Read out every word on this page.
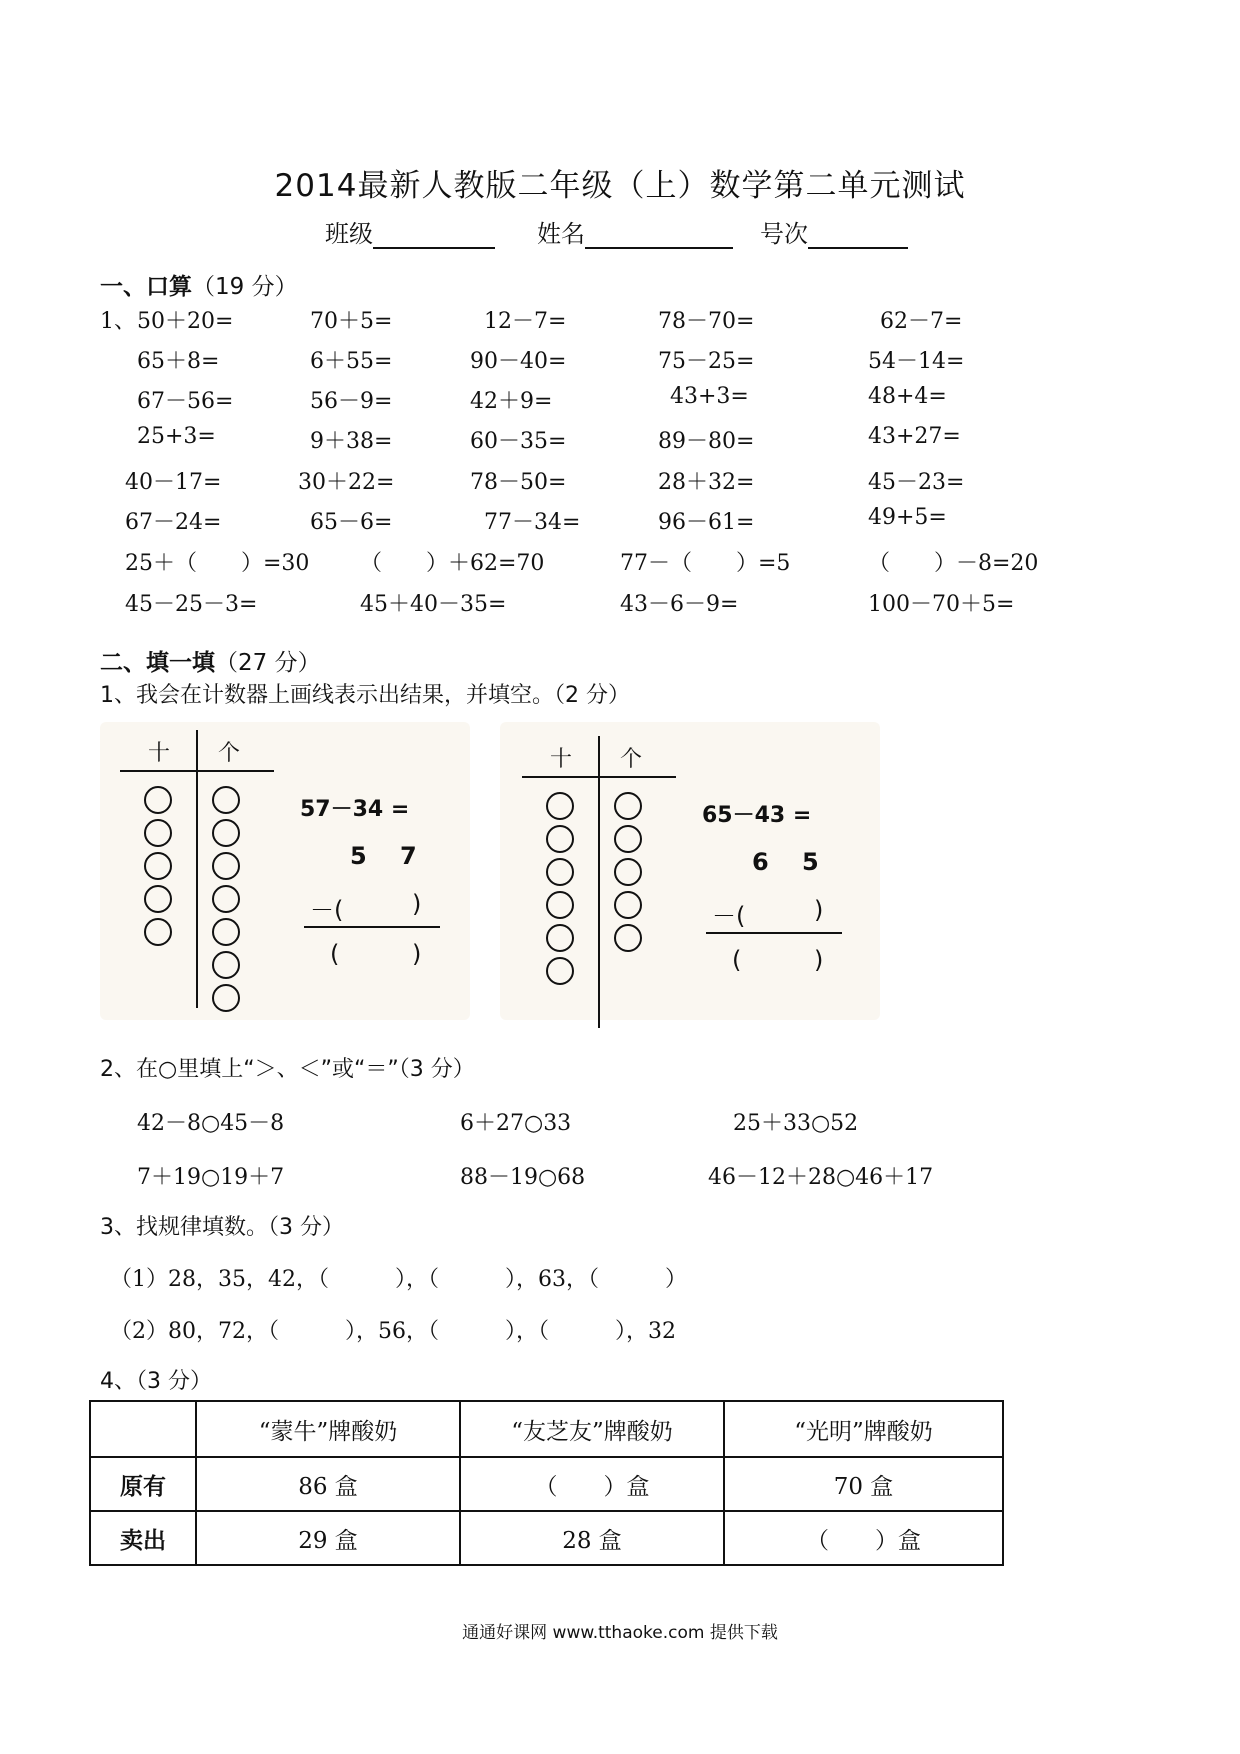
2014最新人教版二年级（上）数学第二单元测试
班级	姓名	号次
一、口算（19 分）
1、 50＋20=	70＋5=	12－7=	78－70=	62－7=
65＋8=	6＋55=	90－40=	75－25=	54－14=
67－56=	56－9=	42＋9=	43+3=	48+4=
25+3=	9＋38=	60－35=	89－80=	43+27=
40－17=	30＋22=	78－50=	28＋32=	45－23=
67－24=	65－6=	77－34=	96－61=	49+5=
25＋（　　）=30 （　　）＋62=70	77－（　　）=5	（　　）－8=20
45－25－3=	45＋40－35=	43－6－9=	100－70＋5=
二、填一填（27 分）
1、我会在计数器上画线表示出结果，并填空。（2 分）
十 个
57－34 =
5 7
－(	)
(	)
十 个
65－43 =
6 5
－(	)
(	)
2、在○里填上“＞、＜”或“＝”（3 分）
42－8○45－8	6＋27○33	25＋33○52
7＋19○19＋7	88－19○68	46－12＋28○46＋17
3、找规律填数。（3 分）
（1）28，35，42，（　　　），（　　　），63，（　　　）
（2）80，72，（　　　），56，（　　　），（　　　），32
4、（3 分）
	“蒙牛”牌酸奶	“友芝友”牌酸奶	“光明”牌酸奶
原有	86 盒	（　　）盒	70 盒
卖出	29 盒	28 盒	（　　）盒
通通好课网 www.tthaoke.com 提供下载
